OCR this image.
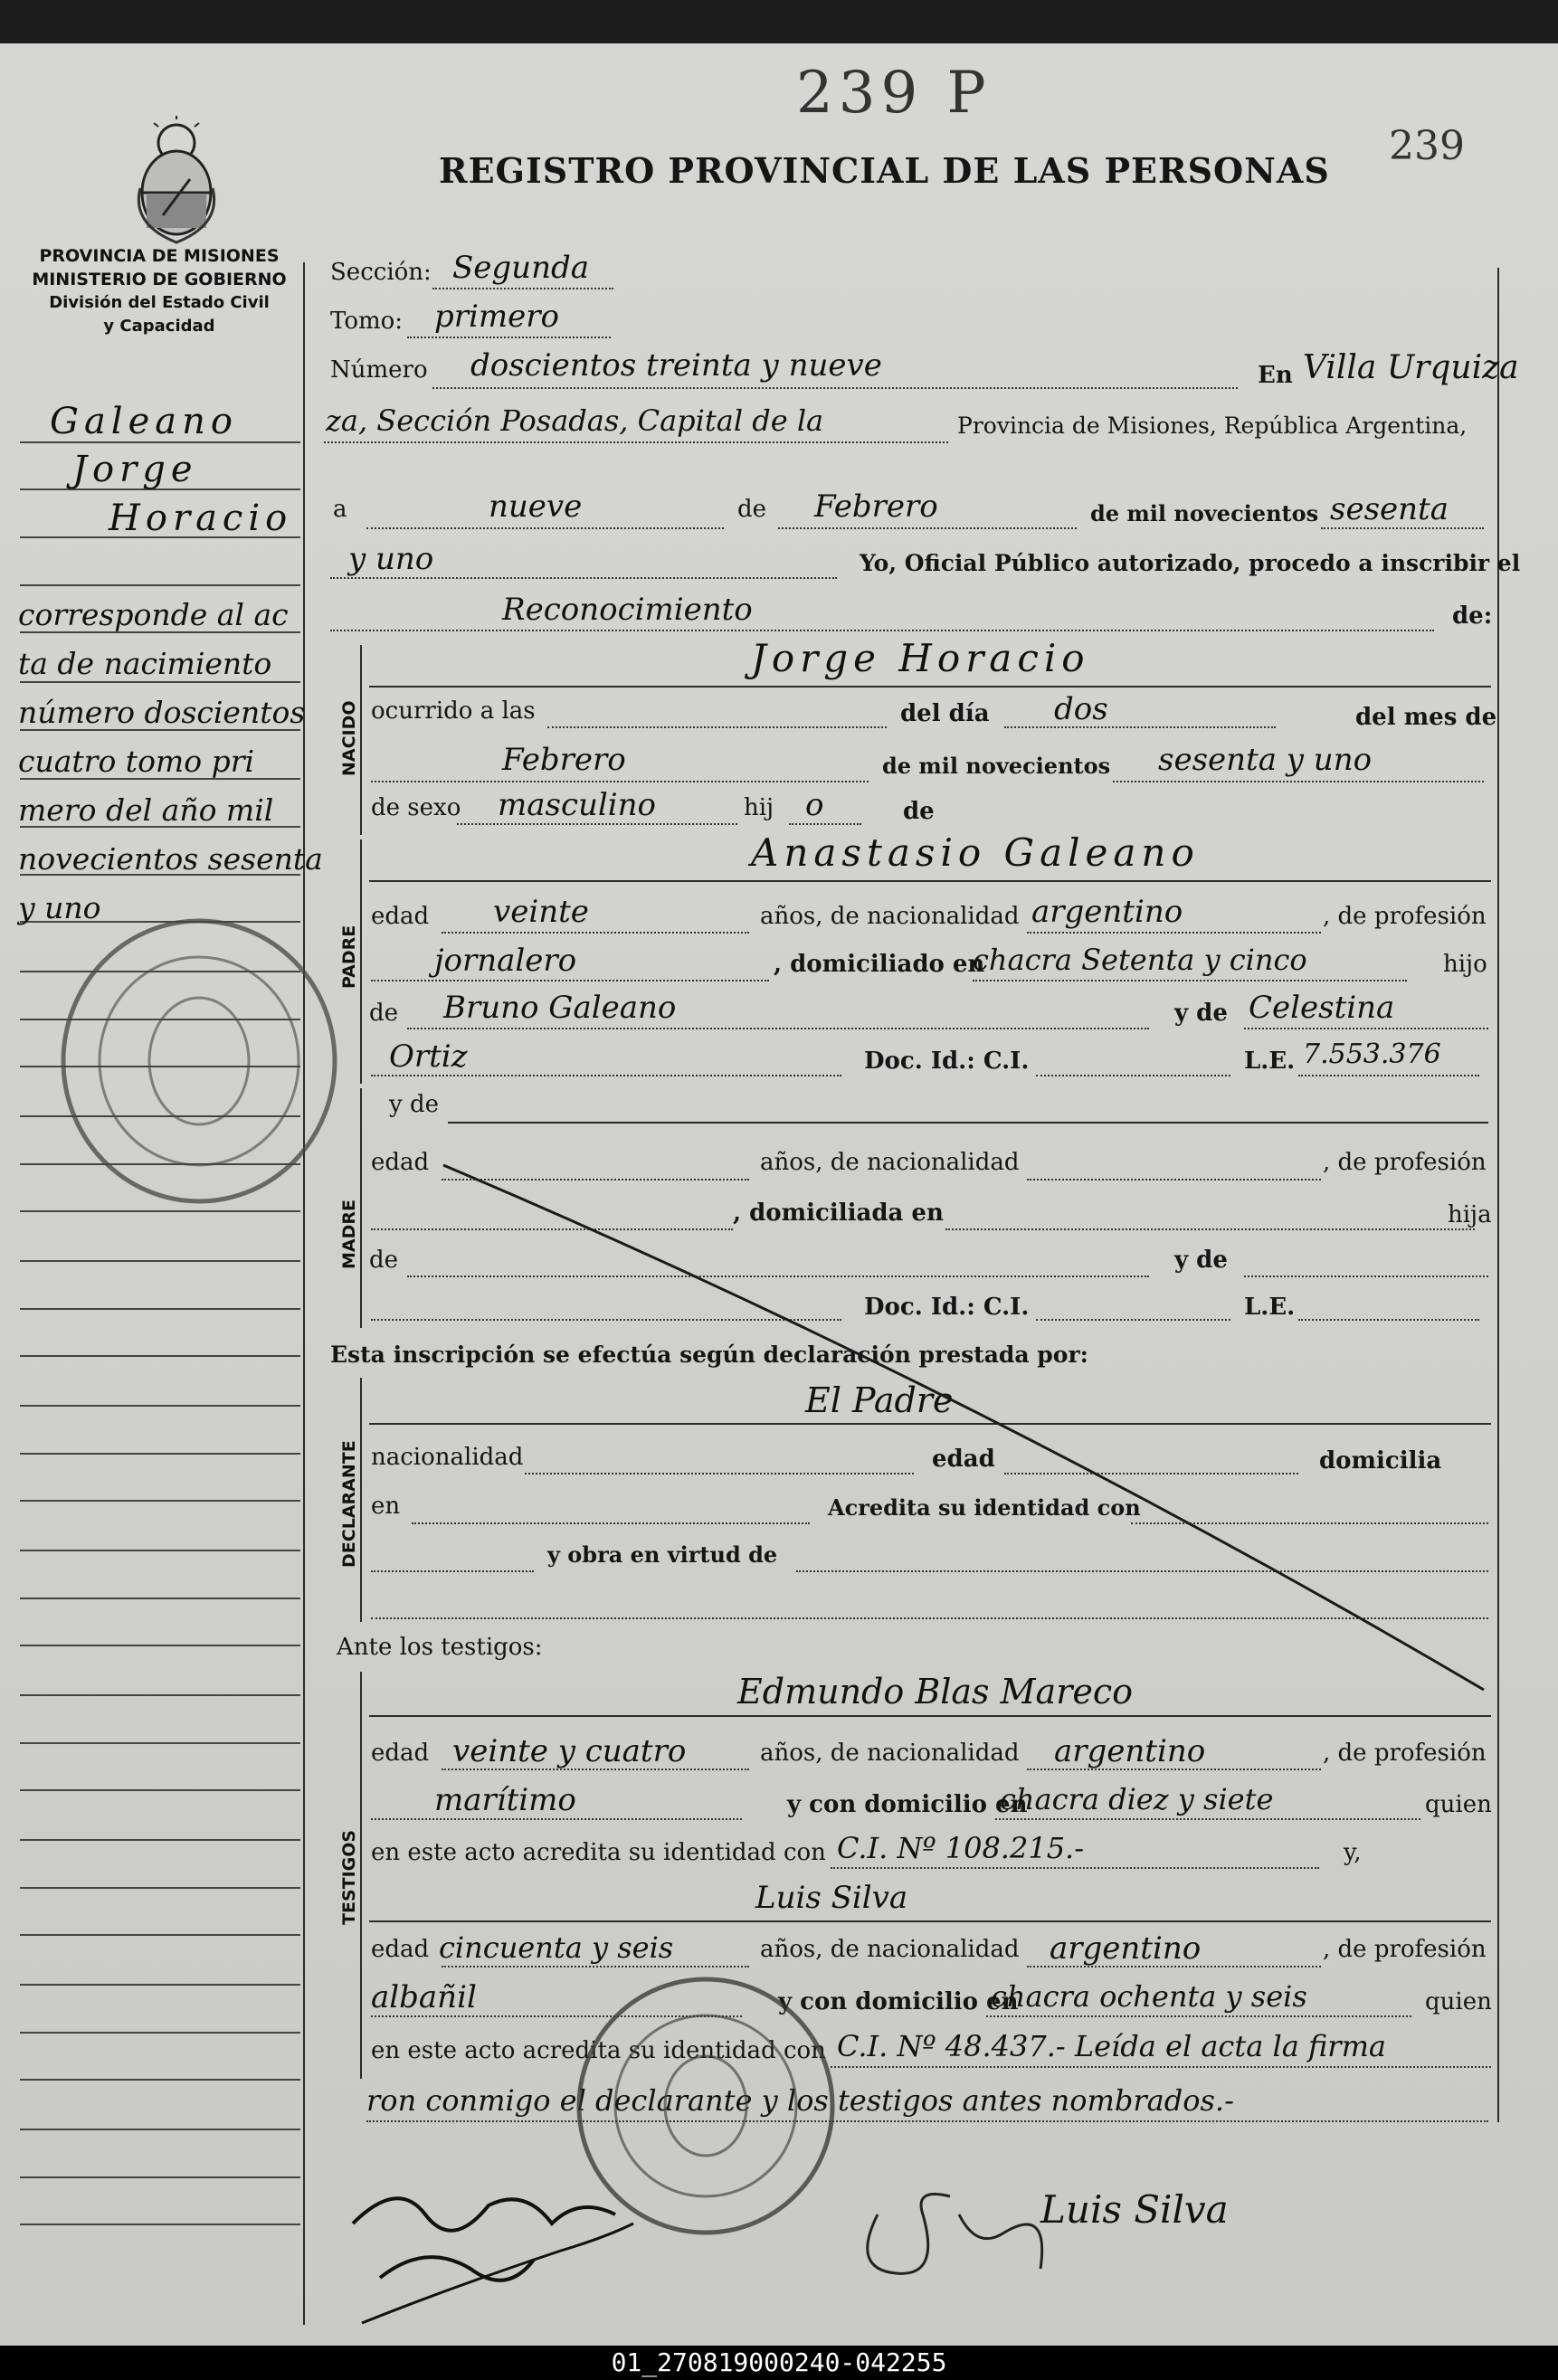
239 P
239
REGISTRO PROVINCIAL DE LAS PERSONAS
PROVINCIA DE MISIONES
MINISTERIO DE GOBIERNO
División del Estado Civil
y Capacidad
Galeano
Jorge
Horacio
corresponde al ac
ta de nacimiento
número doscientos
cuatro tomo pri
mero del año mil
novecientos sesenta
y uno
Sección: Segunda
Tomo: primero
Número doscientos treinta y nueve	En Villa Urquiza
za, Sección Posadas, Capital de la	Provincia de Misiones, República Argentina,
a	nueve	de Febrero	de mil novecientos sesenta
y uno	Yo, Oficial Público autorizado, procedo a inscribir el
Reconocimiento	de:
NACIDO
Jorge Horacio
ocurrido a las	del día dos	del mes de
Febrero	de mil novecientos sesenta y uno
de sexo masculino	hij o	de
PADRE
Anastasio Galeano
edad veinte	años, de nacionalidad argentino	, de profesión
jornalero	, domiciliado en
chacra Setenta y cinco	hijo
de Bruno Galeano	y de Celestina
Ortiz	Doc. Id.: C.I.	L.E. 7.553.376
MADRE
y de
edad	años, de nacionalidad	, de profesión
, domiciliada en	hija
de	y de
Doc. Id.: C.I.	L.E.
Esta inscripción se efectúa según declaración prestada por:
DECLARANTE
El Padre
nacionalidad	edad	domicilia
en	Acredita su identidad con
y obra en virtud de
Ante los testigos:
TESTIGOS
Edmundo Blas Mareco
edad veinte y cuatro	años, de nacionalidad argentino	, de profesión
marítimo	y con domicilio en
chacra diez y siete	quien
en este acto acredita su identidad con C.I. Nº 108.215.-	y,
Luis Silva
edad cincuenta y seis	años, de nacionalidad argentino	, de profesión
albañil	y con domicilio en
chacra ochenta y seis	quien
en este acto acredita su identidad con C.I. Nº 48.437.- Leída el acta la firma
ron conmigo el declarante y los testigos antes nombrados.-
Luis Silva
01_270819000240-042255
